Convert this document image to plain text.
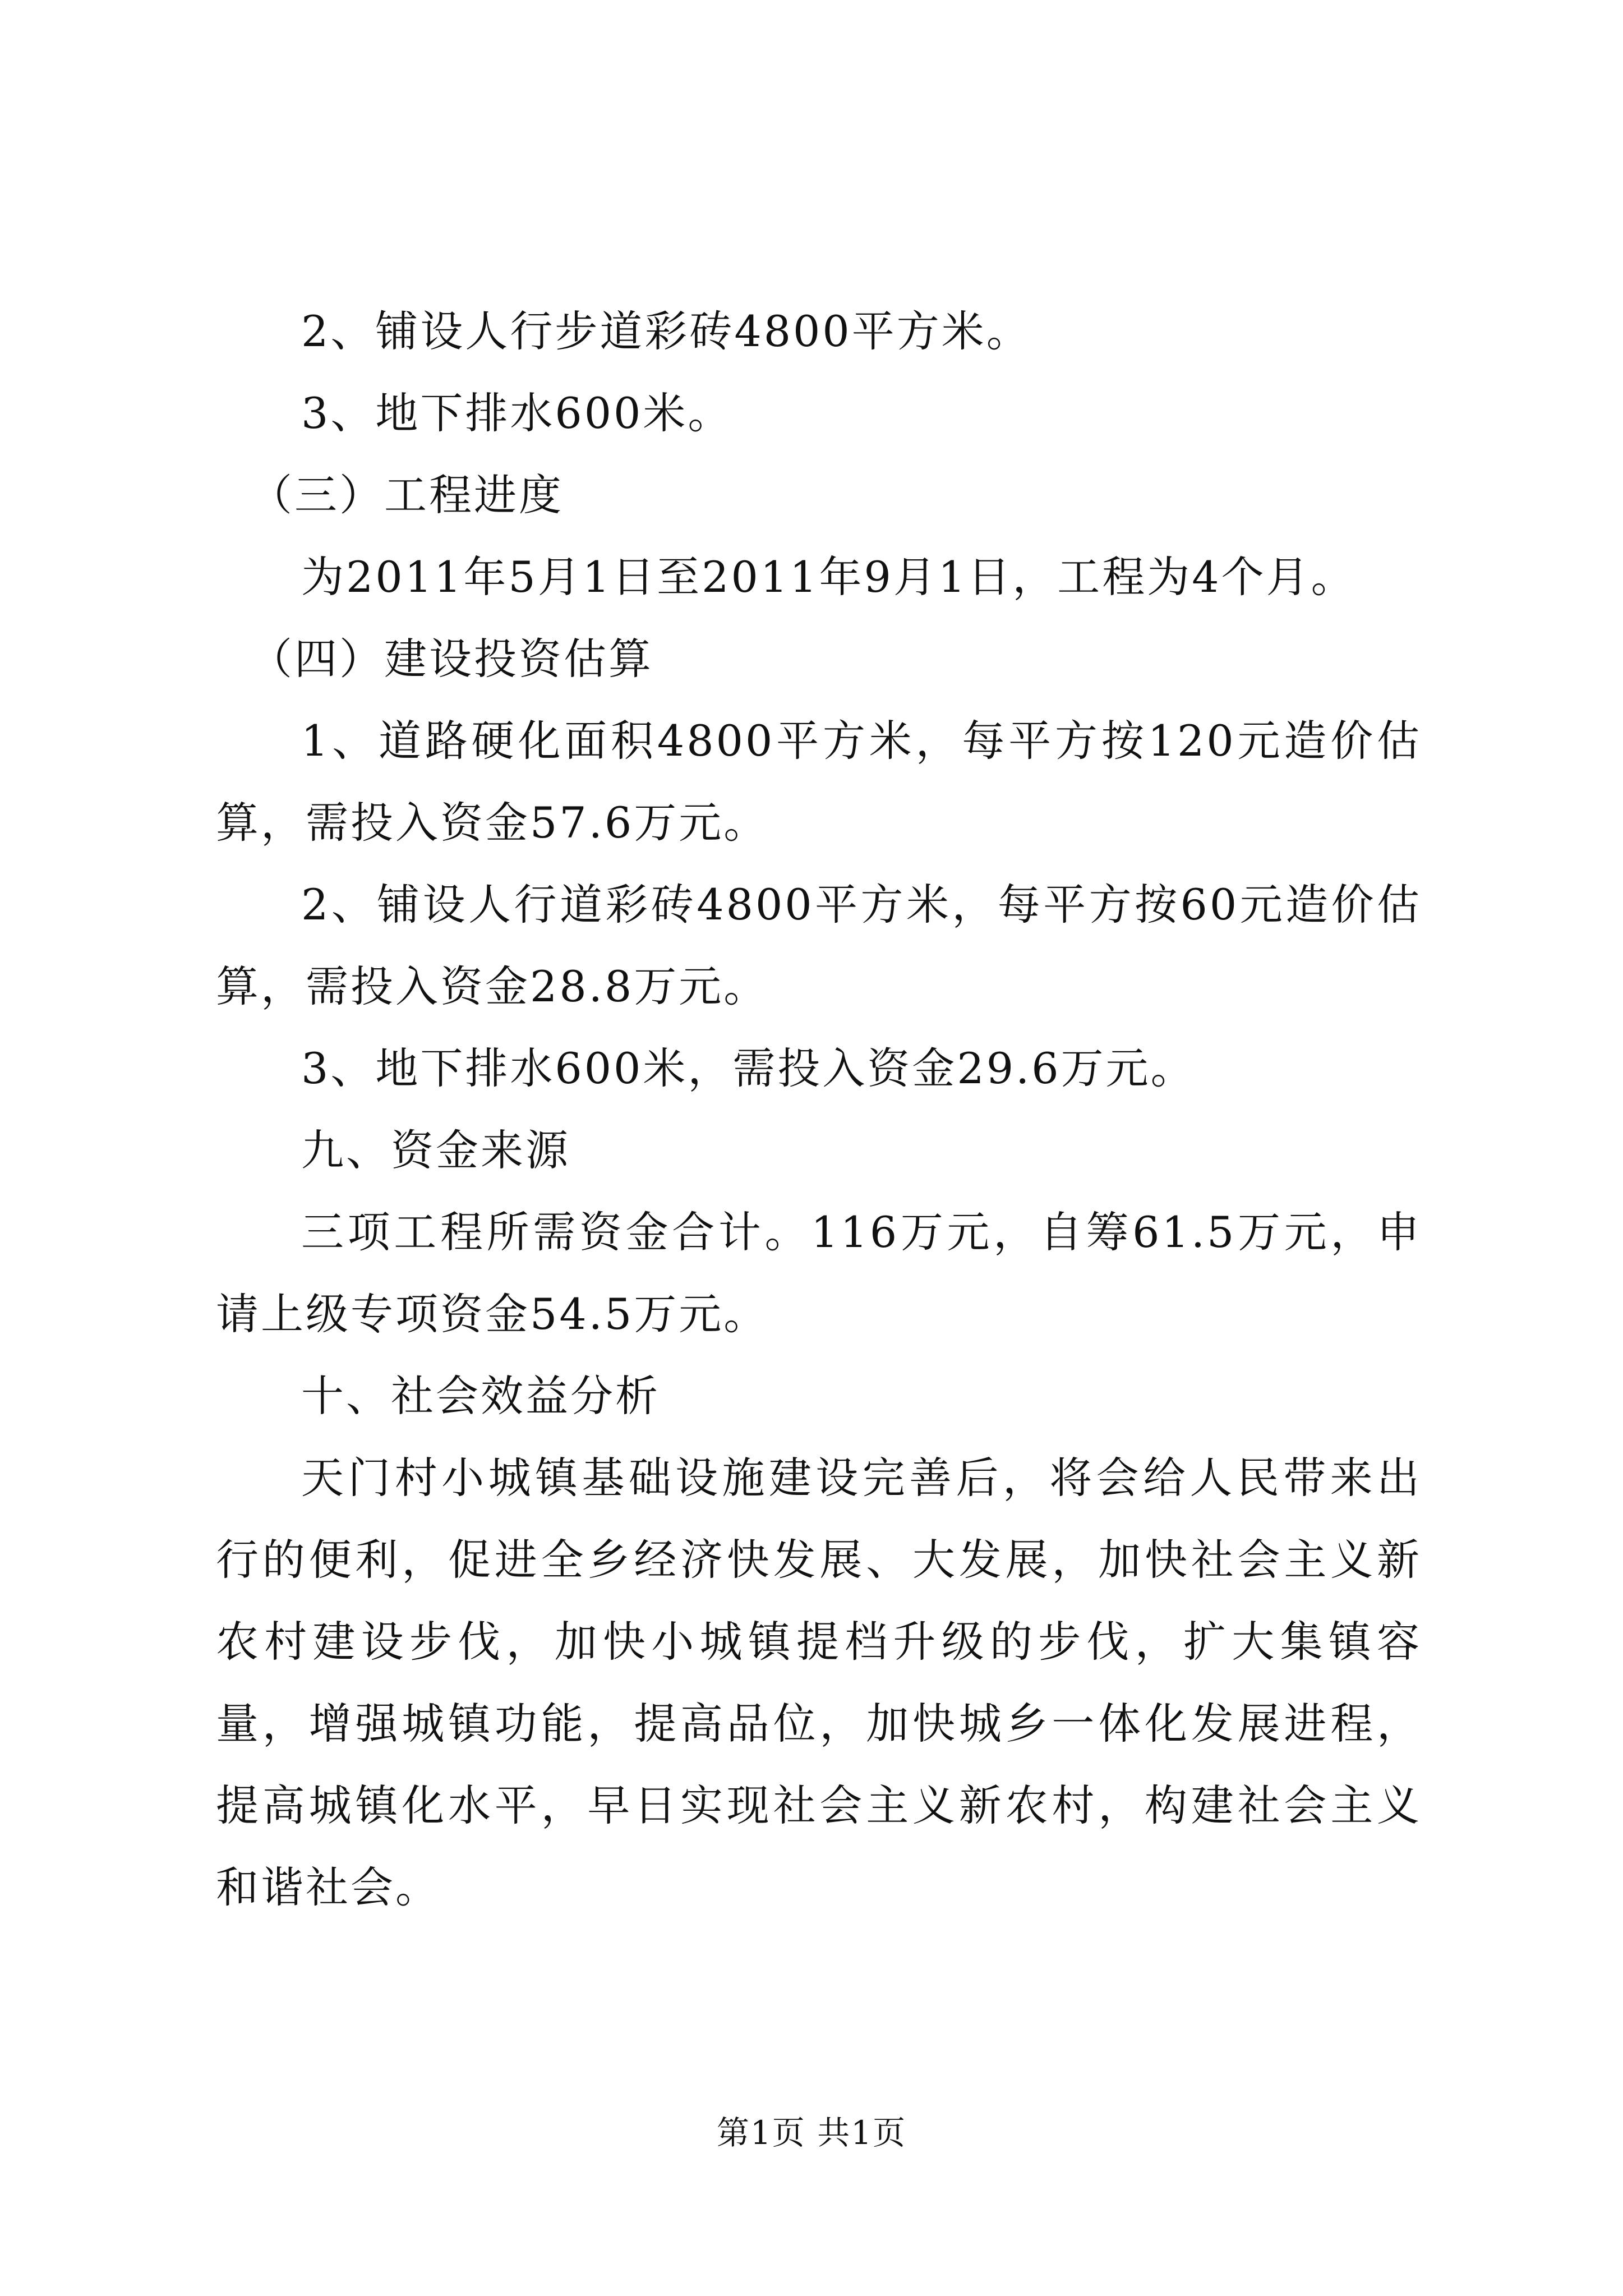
2、铺设人行步道彩砖4800平方米。

3、地下排水600米。

（三）工程进度

为2011年5月1日至2011年9月1日，工程为4个月。

（四）建设投资估算

1、道路硬化面积4800平方米，每平方按120元造价估算，需投入资金57.6万元。

2、铺设人行道彩砖4800平方米，每平方按60元造价估算，需投入资金28.8万元。

3、地下排水600米，需投入资金29.6万元。

九、资金来源

三项工程所需资金合计。116万元，自筹61.5万元，申请上级专项资金54.5万元。

十、社会效益分析

天门村小城镇基础设施建设完善后，将会给人民带来出行的便利，促进全乡经济快发展、大发展，加快社会主义新农村建设步伐，加快小城镇提档升级的步伐，扩大集镇容量，增强城镇功能，提高品位，加快城乡一体化发展进程，提高城镇化水平，早日实现社会主义新农村，构建社会主义和谐社会。

第1页 共1页
